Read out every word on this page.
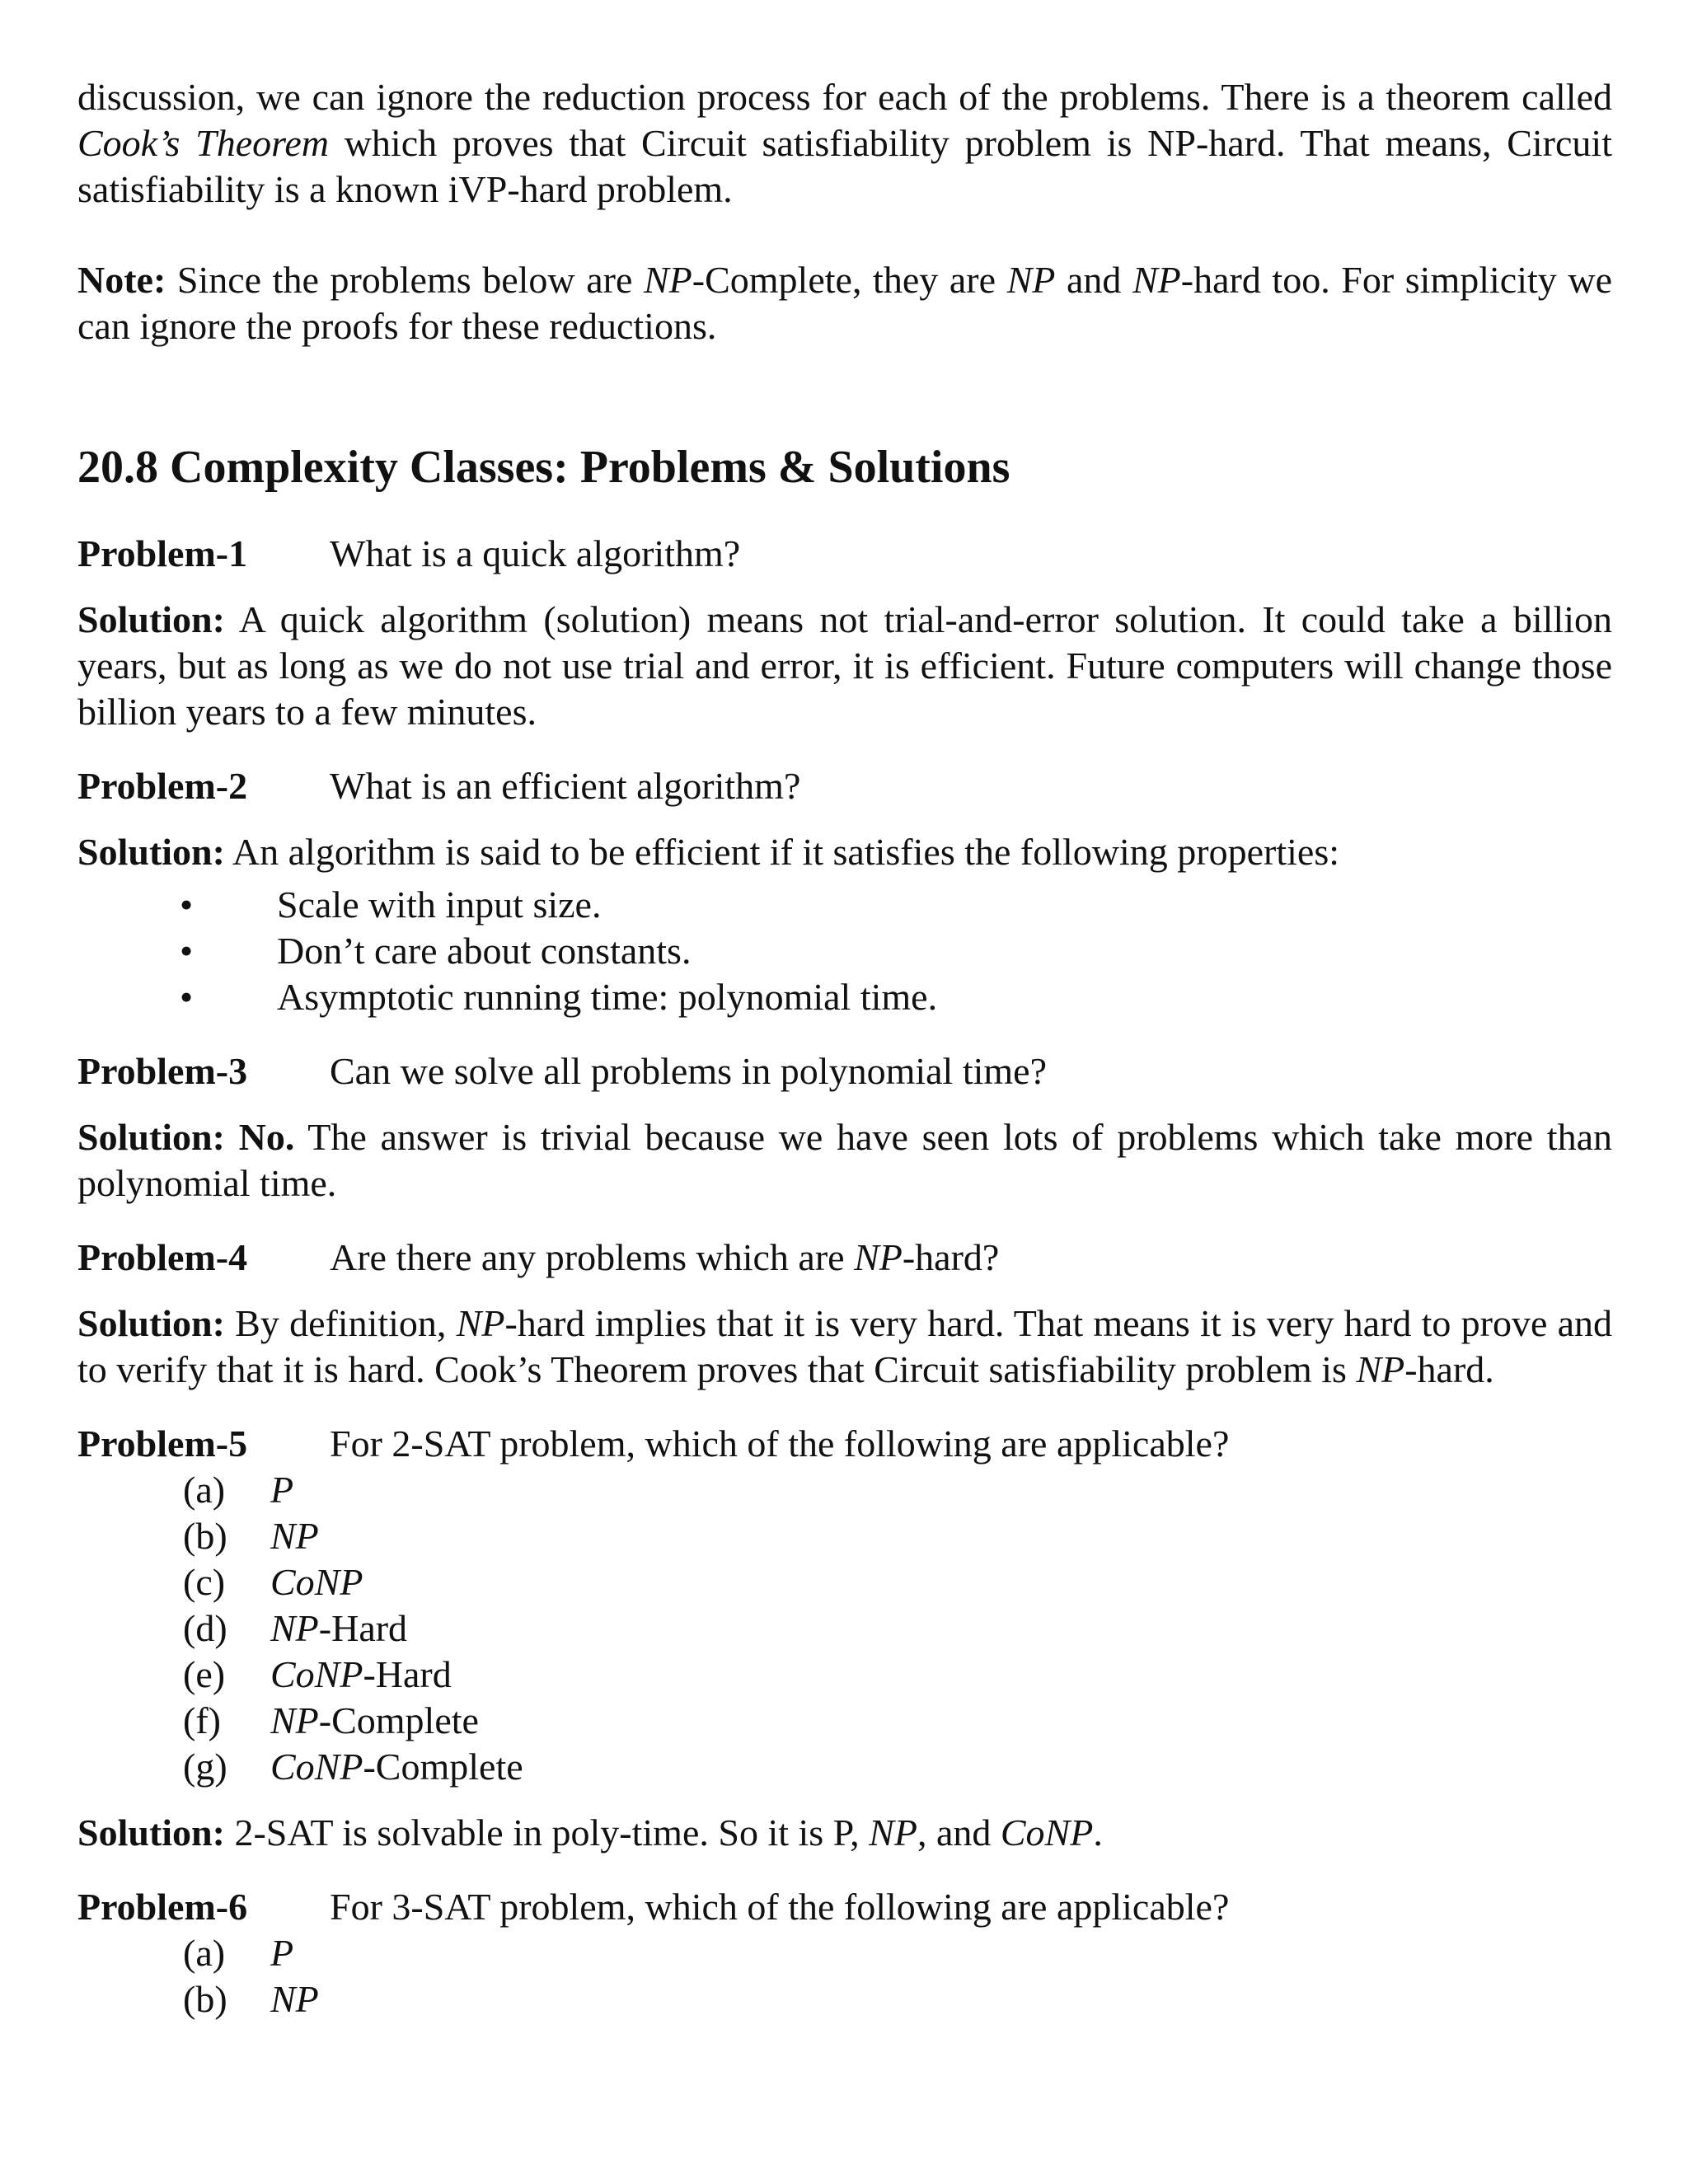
discussion, we can ignore the reduction process for each of the problems. There is a theorem called Cook’s Theorem which proves that Circuit satisfiability problem is NP-hard. That means, Circuit satisfiability is a known iVP-hard problem.

Note: Since the problems below are NP-Complete, they are NP and NP-hard too. For simplicity we can ignore the proofs for these reductions.

20.8 Complexity Classes: Problems & Solutions

Problem-1 What is a quick algorithm?

Solution: A quick algorithm (solution) means not trial-and-error solution. It could take a billion years, but as long as we do not use trial and error, it is efficient. Future computers will change those billion years to a few minutes.

Problem-2 What is an efficient algorithm?

Solution: An algorithm is said to be efficient if it satisfies the following properties:

• Scale with input size.
• Don’t care about constants.
• Asymptotic running time: polynomial time.

Problem-3 Can we solve all problems in polynomial time?

Solution: No. The answer is trivial because we have seen lots of problems which take more than polynomial time.

Problem-4 Are there any problems which are NP-hard?

Solution: By definition, NP-hard implies that it is very hard. That means it is very hard to prove and to verify that it is hard. Cook’s Theorem proves that Circuit satisfiability problem is NP-hard.

Problem-5 For 2-SAT problem, which of the following are applicable?

(a) P
(b) NP
(c) CoNP
(d) NP-Hard
(e) CoNP-Hard
(f) NP-Complete
(g) CoNP-Complete

Solution: 2-SAT is solvable in poly-time. So it is P, NP, and CoNP.

Problem-6 For 3-SAT problem, which of the following are applicable?

(a) P
(b) NP
